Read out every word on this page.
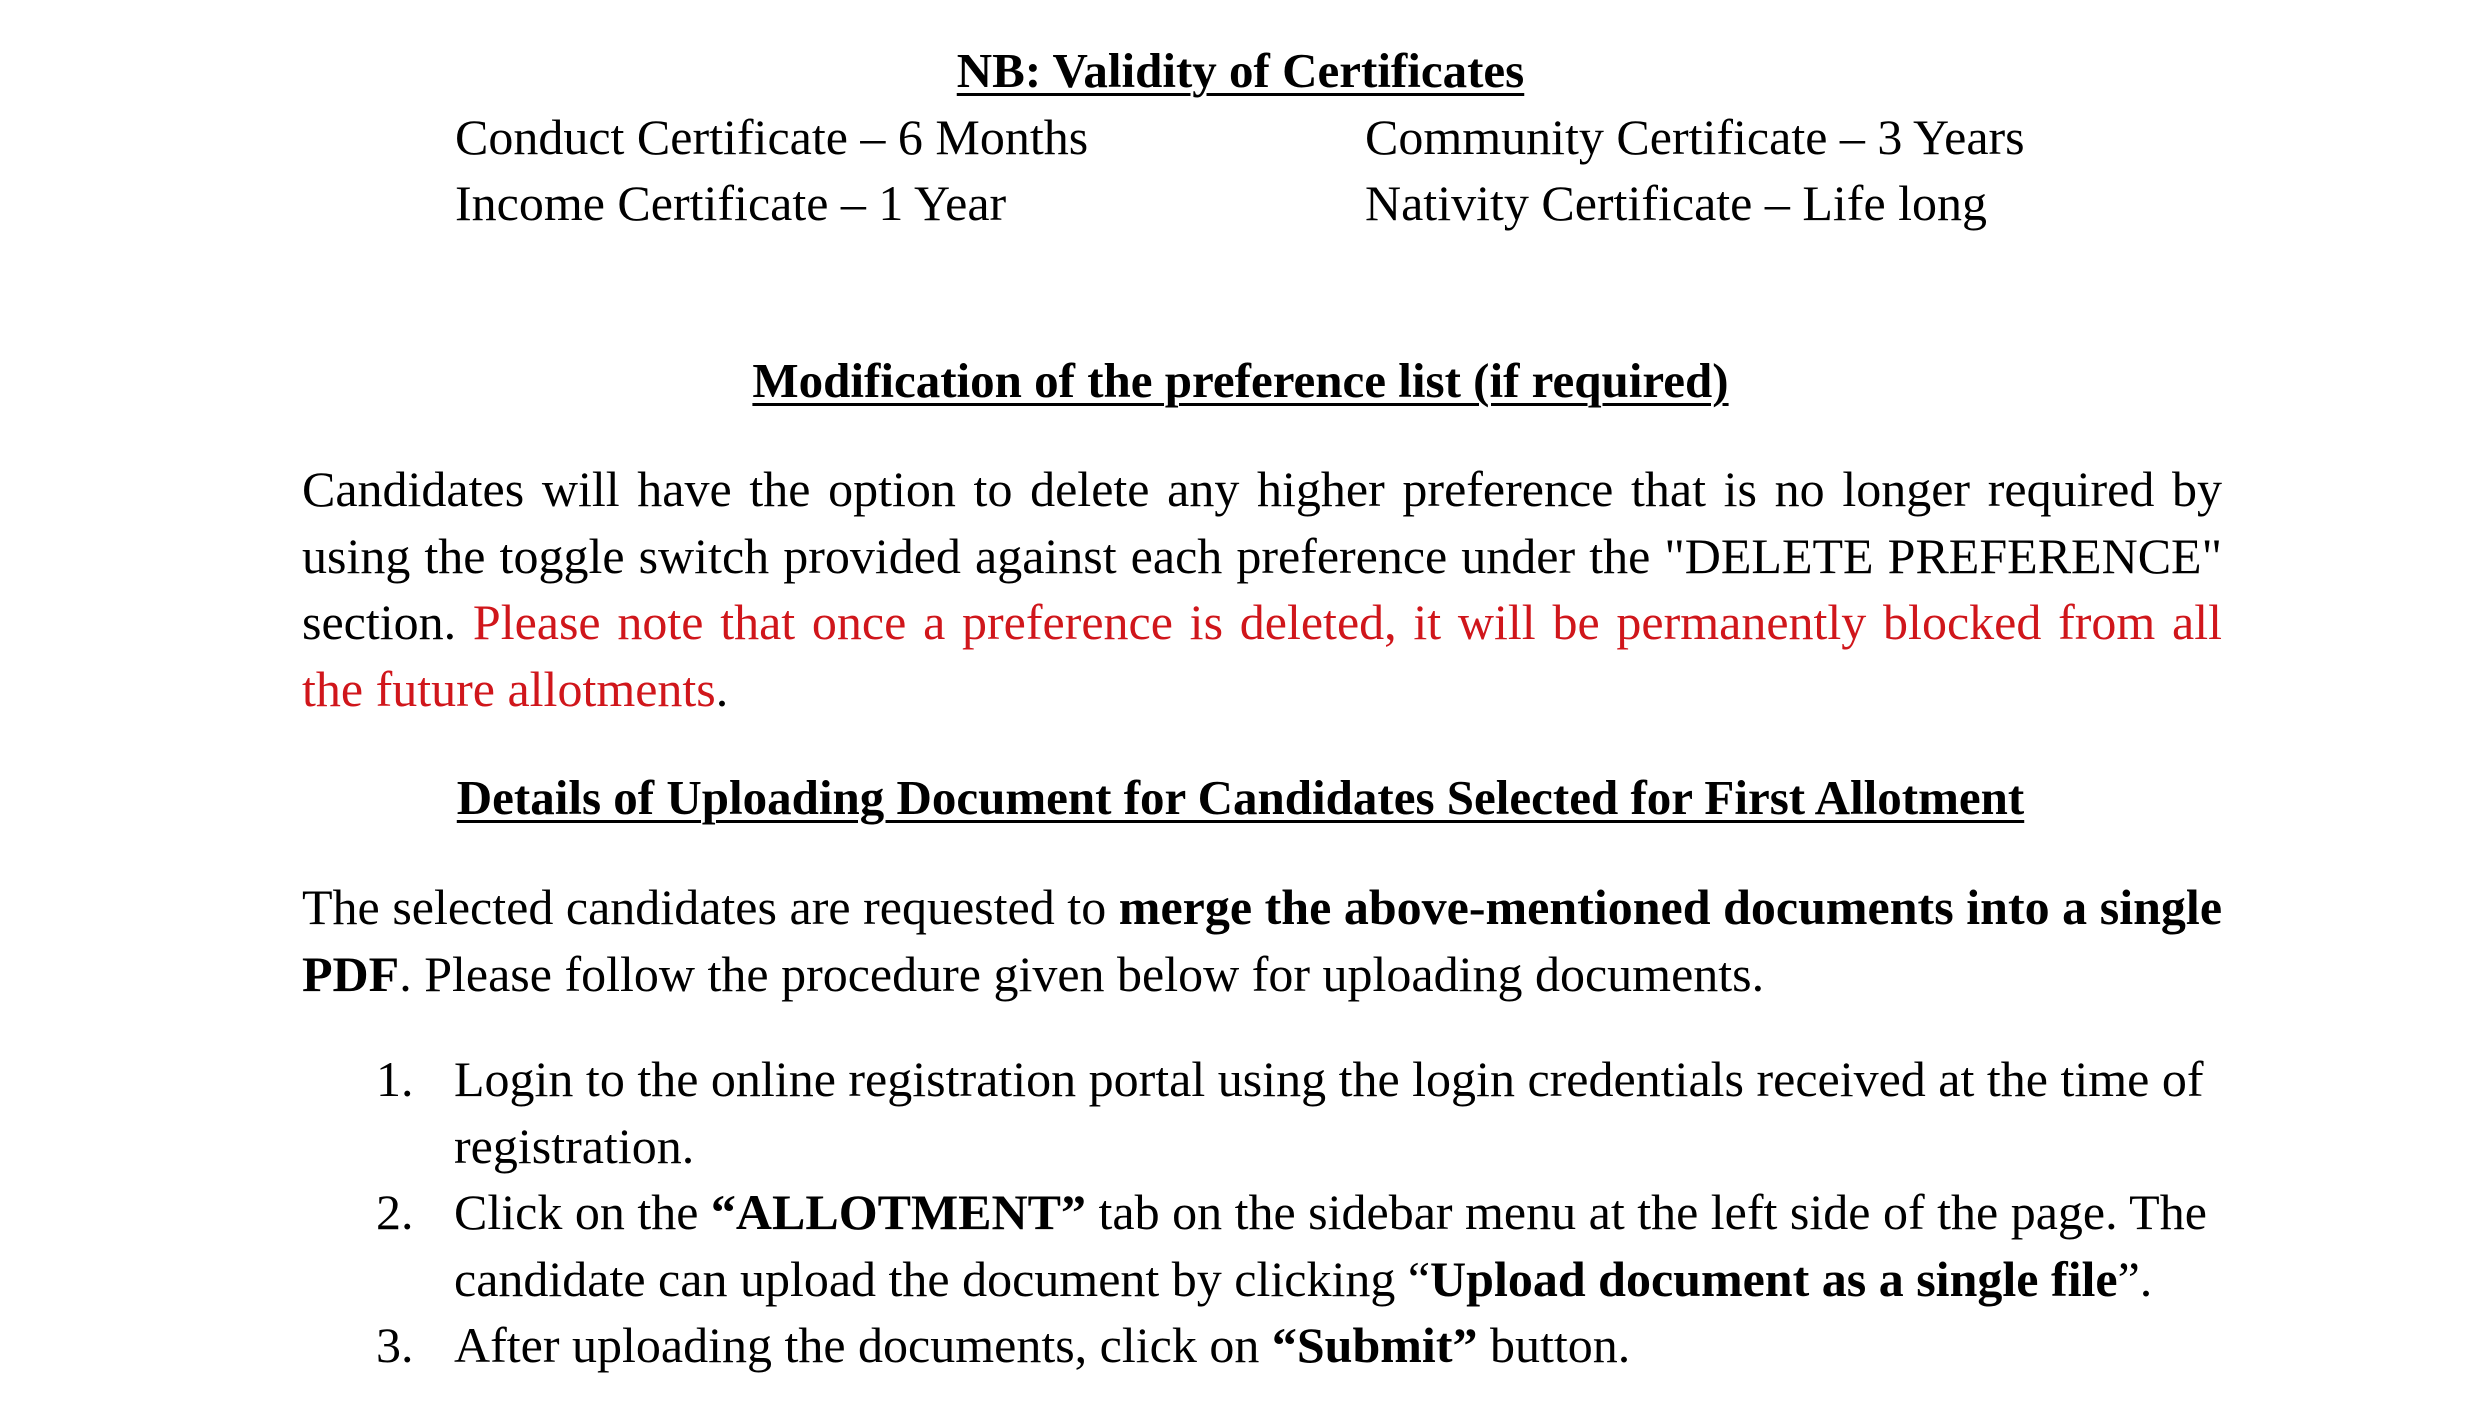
NB: Validity of Certificates
Conduct Certificate – 6 Months
Income Certificate – 1 Year
Community Certificate – 3 Years
Nativity Certificate – Life long
Modification of the preference list (if required)
Candidates will have the option to delete any higher preference that is no longer required by using the toggle switch provided against each preference under the "DELETE PREFERENCE" section. Please note that once a preference is deleted, it will be permanently blocked from all the future allotments.
Details of Uploading Document for Candidates Selected for First Allotment
The selected candidates are requested to merge the above-mentioned documents into a single PDF. Please follow the procedure given below for uploading documents.
1. Login to the online registration portal using the login credentials received at the time of registration.
2. Click on the “ALLOTMENT” tab on the sidebar menu at the left side of the page. The candidate can upload the document by clicking “Upload document as a single file”.
3. After uploading the documents, click on “Submit” button.
